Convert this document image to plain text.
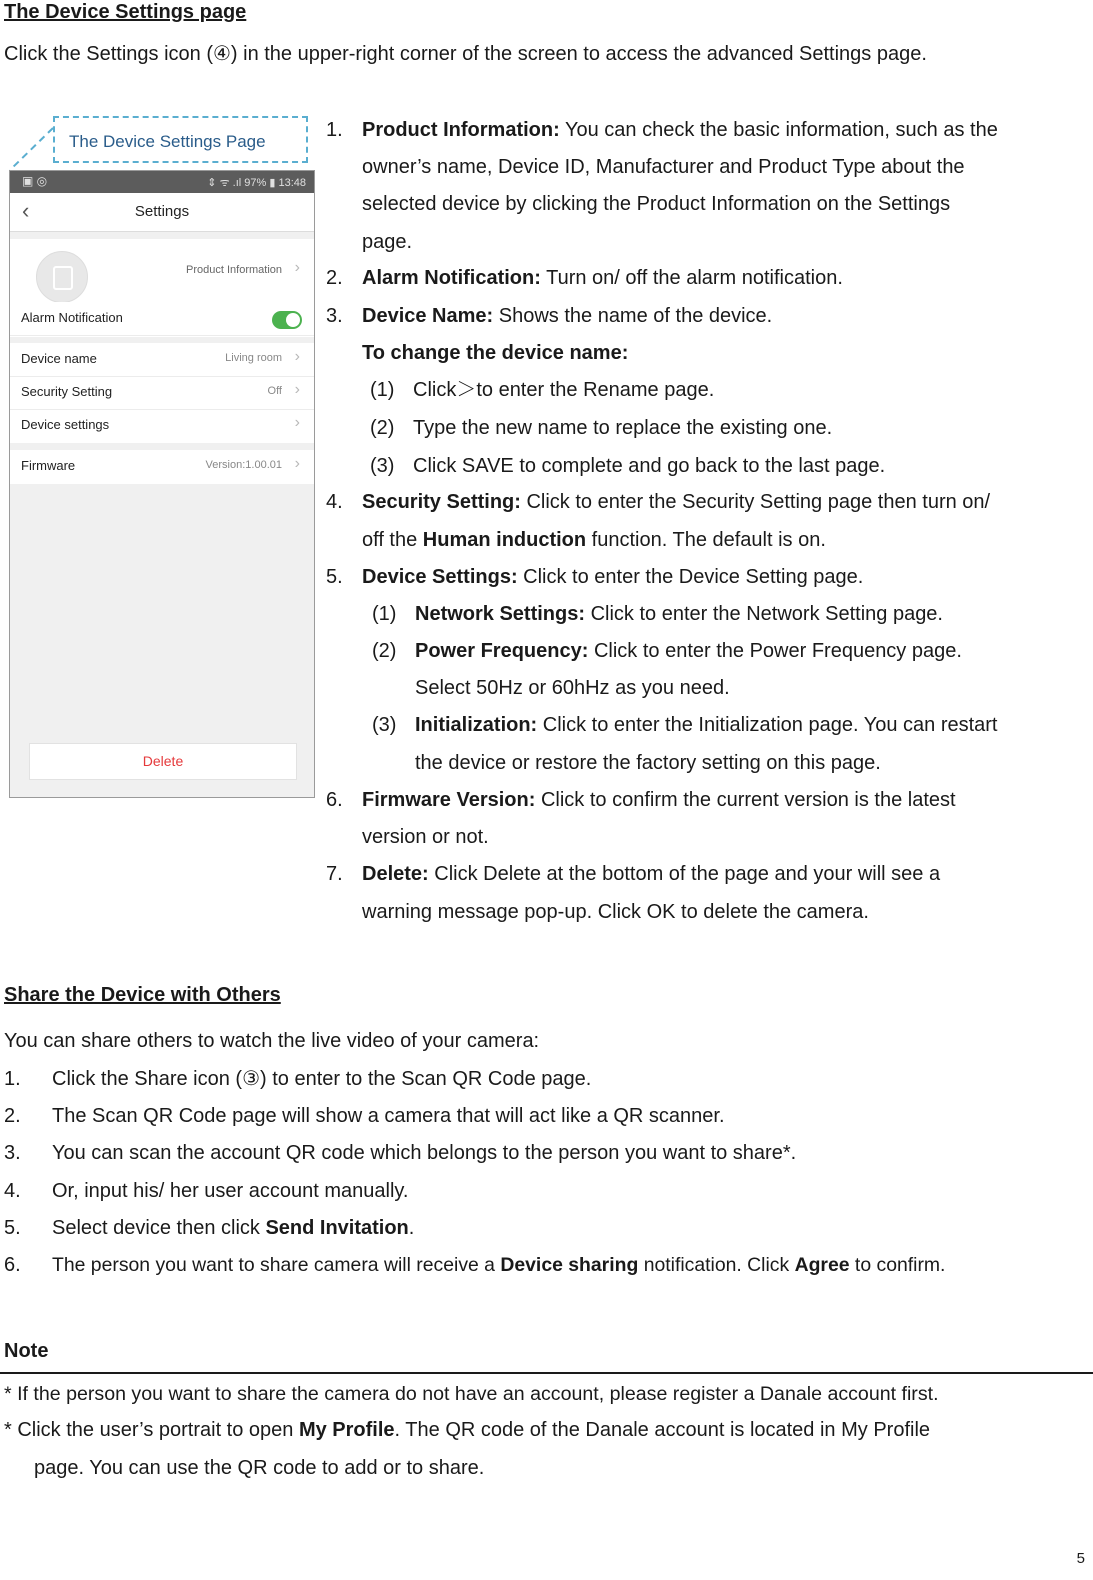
The Device Settings page
Click the Settings icon (④) in the upper-right corner of the screen to access the advanced Settings page.
The Device Settings Page
▣ ◎	⇕ ᯤ .ıl 97% ▮ 13:48
‹	Settings
Product Information ›
Alarm Notification
Device name	Living room ›
Security Setting	Off ›
Device settings	›
Firmware	Version:1.00.01 ›
Delete
1. Product Information: You can check the basic information, such as the
owner’s name, Device ID, Manufacturer and Product Type about the
selected device by clicking the Product Information on the Settings
page.
2. Alarm Notification: Turn on/ off the alarm notification.
3. Device Name: Shows the name of the device.
To change the device name:
(1) Click＞to enter the Rename page.
(2) Type the new name to replace the existing one.
(3) Click SAVE to complete and go back to the last page.
4. Security Setting: Click to enter the Security Setting page then turn on/
off the Human induction function. The default is on.
5. Device Settings: Click to enter the Device Setting page.
(1) Network Settings: Click to enter the Network Setting page.
(2) Power Frequency: Click to enter the Power Frequency page.
Select 50Hz or 60hHz as you need.
(3) Initialization: Click to enter the Initialization page. You can restart
the device or restore the factory setting on this page.
6. Firmware Version: Click to confirm the current version is the latest
version or not.
7. Delete: Click Delete at the bottom of the page and your will see a
warning message pop-up. Click OK to delete the camera.
Share the Device with Others
You can share others to watch the live video of your camera:
1. Click the Share icon (③) to enter to the Scan QR Code page.
2. The Scan QR Code page will show a camera that will act like a QR scanner.
3. You can scan the account QR code which belongs to the person you want to share*.
4. Or, input his/ her user account manually.
5. Select device then click Send Invitation.
6. The person you want to share camera will receive a Device sharing notification. Click Agree to confirm.
Note
* If the person you want to share the camera do not have an account, please register a Danale account first.
* Click the user’s portrait to open My Profile. The QR code of the Danale account is located in My Profile
page. You can use the QR code to add or to share.
5
